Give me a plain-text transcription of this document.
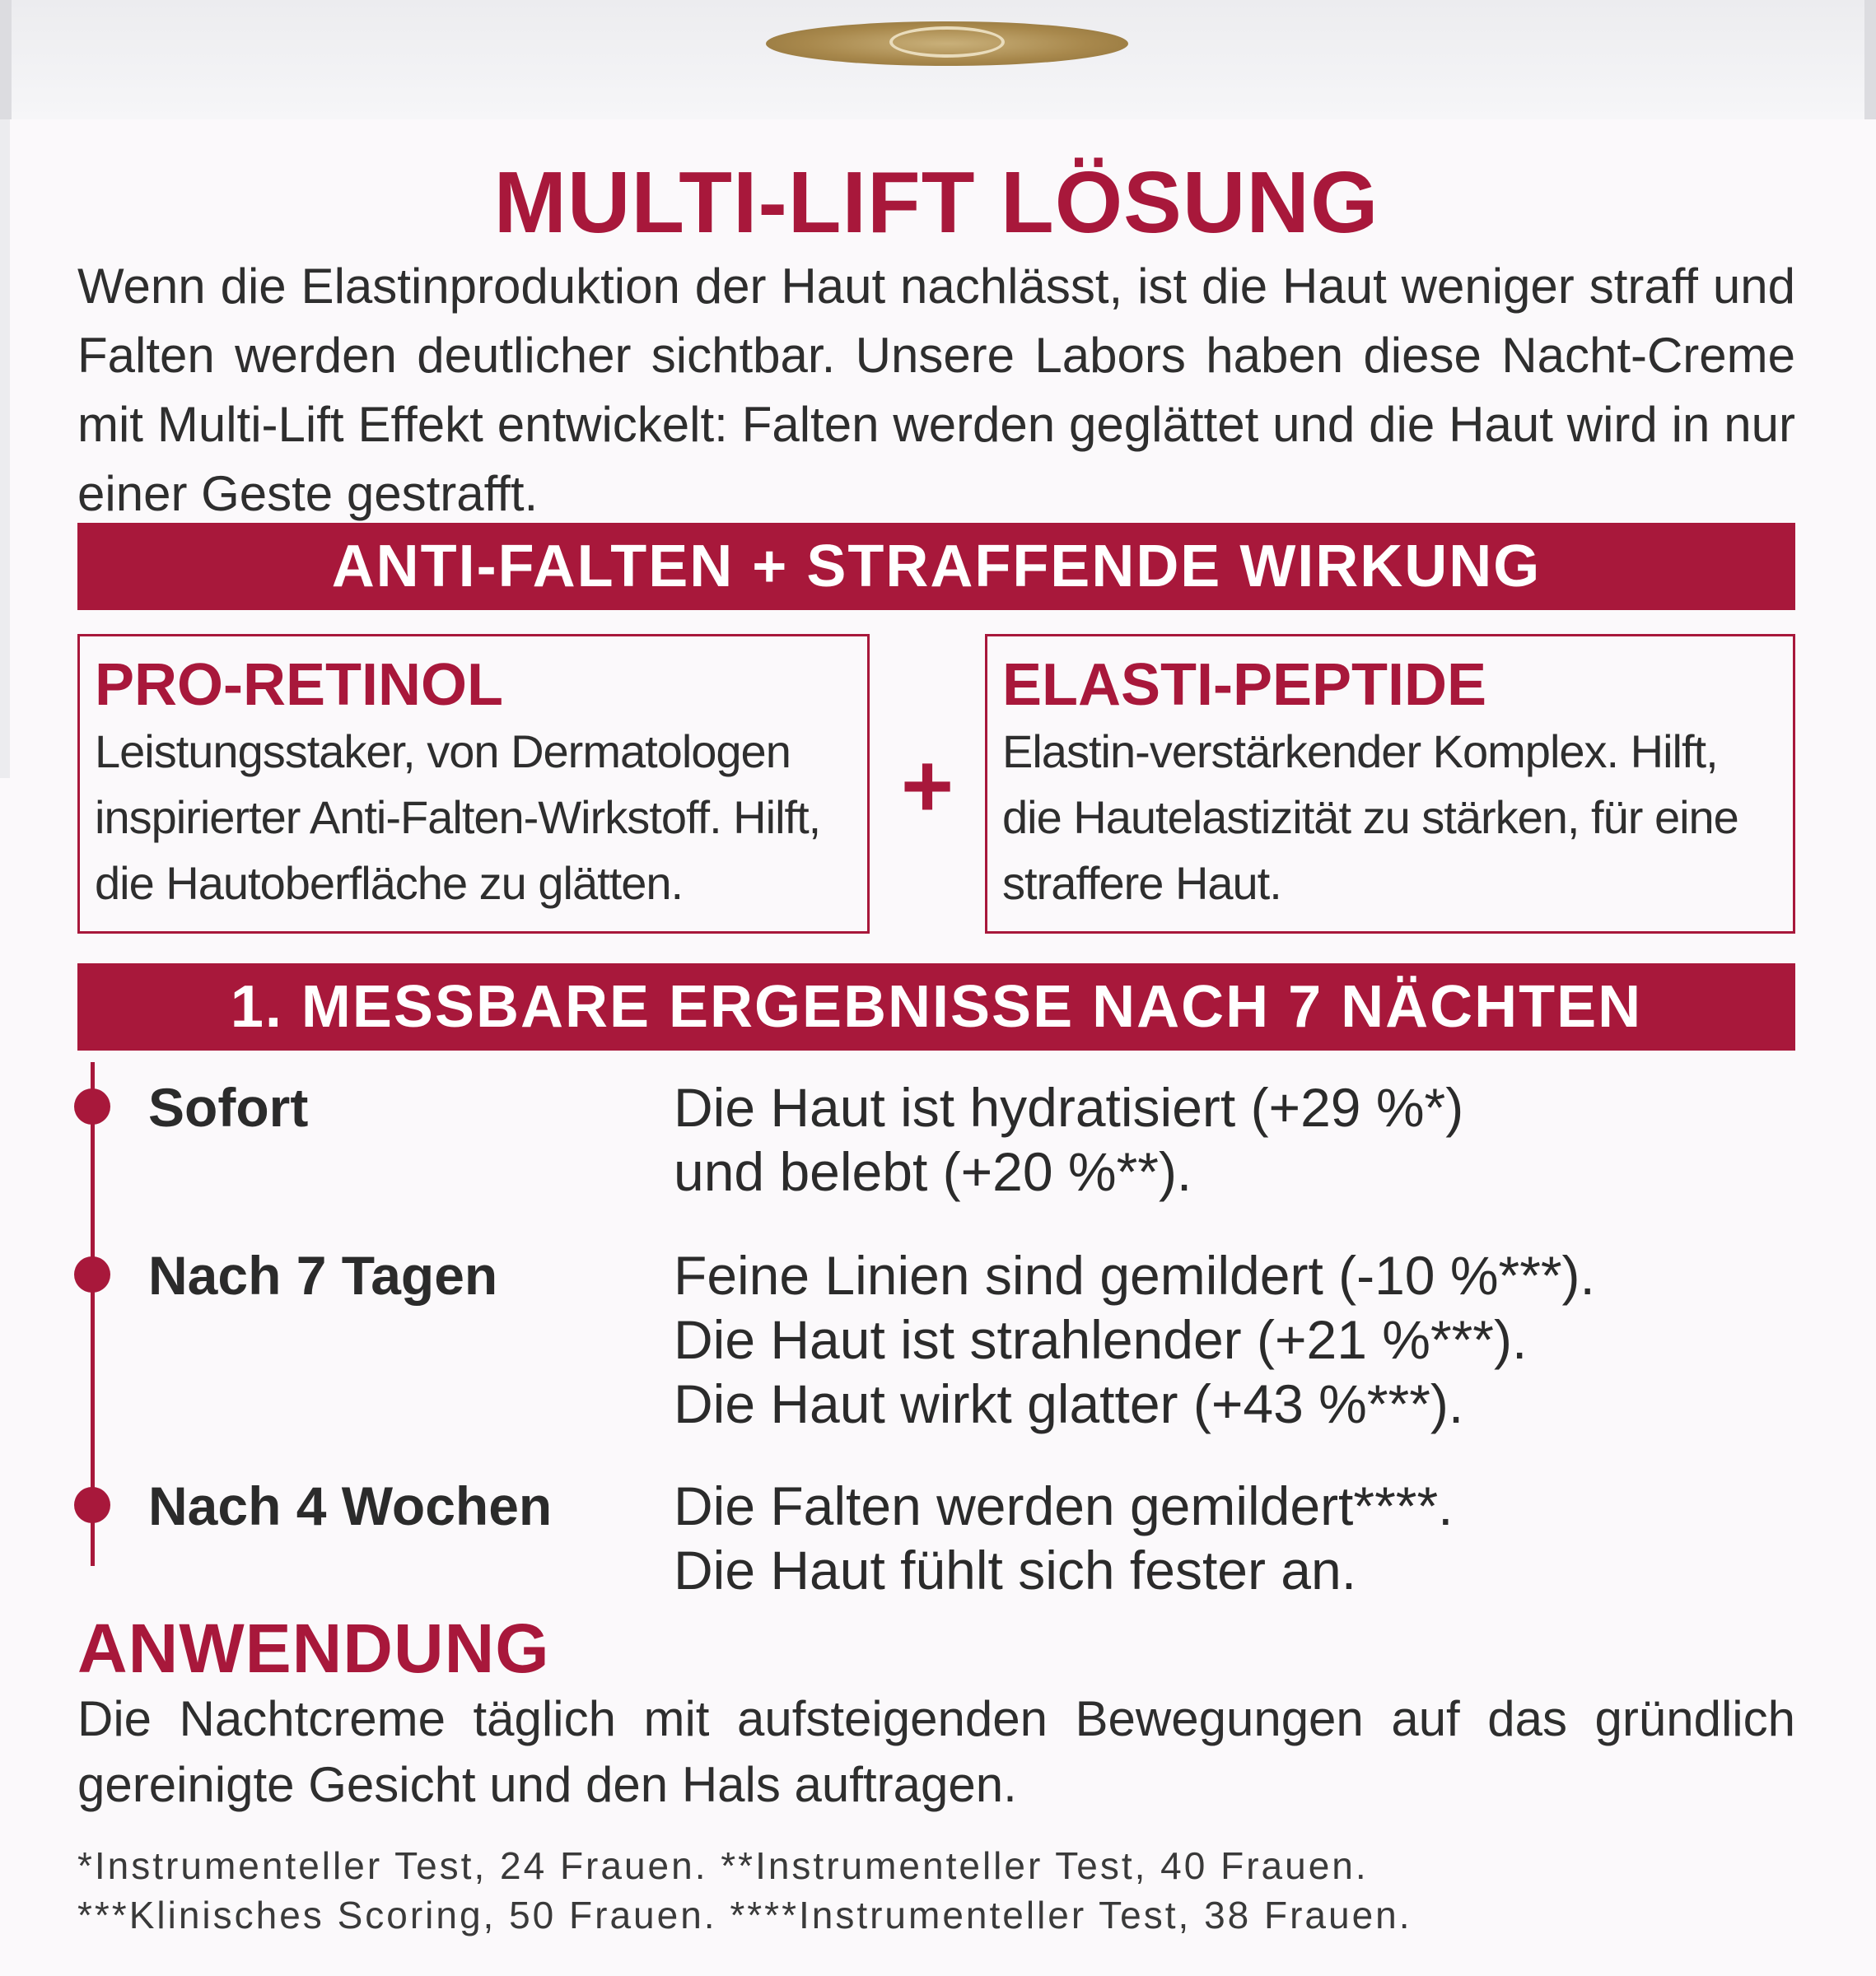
MULTI-LIFT LÖSUNG
Wenn die Elastinproduktion der Haut nachlässt, ist die Haut weniger straff und Falten werden deutlicher sichtbar. Unsere Labors haben diese Nacht-Creme mit Multi-Lift Effekt entwickelt: Falten werden geglättet und die Haut wird in nur einer Geste gestrafft.
ANTI-FALTEN + STRAFFENDE WIRKUNG
PRO-RETINOL
Leistungsstaker, von Dermatologen inspirierter Anti-Falten-Wirkstoff. Hilft, die Hautoberfläche zu glätten.
+
ELASTI-PEPTIDE
Elastin-verstärkender Komplex. Hilft, die Hautelastizität zu stärken, für eine straffere Haut.
1. MESSBARE ERGEBNISSE NACH 7 NÄCHTEN
Sofort	Die Haut ist hydratisiert (+29 %*)
und belebt (+20 %**).
Nach 7 Tagen	Feine Linien sind gemildert (-10 %***).
Die Haut ist strahlender (+21 %***).
Die Haut wirkt glatter (+43 %***).
Nach 4 Wochen Die Falten werden gemildert****.
Die Haut fühlt sich fester an.
ANWENDUNG
Die Nachtcreme täglich mit aufsteigenden Bewegungen auf das gründlich gereinigte Gesicht und den Hals auftragen.
*Instrumenteller Test, 24 Frauen. **Instrumenteller Test, 40 Frauen.
***Klinisches Scoring, 50 Frauen. ****Instrumenteller Test, 38 Frauen.
